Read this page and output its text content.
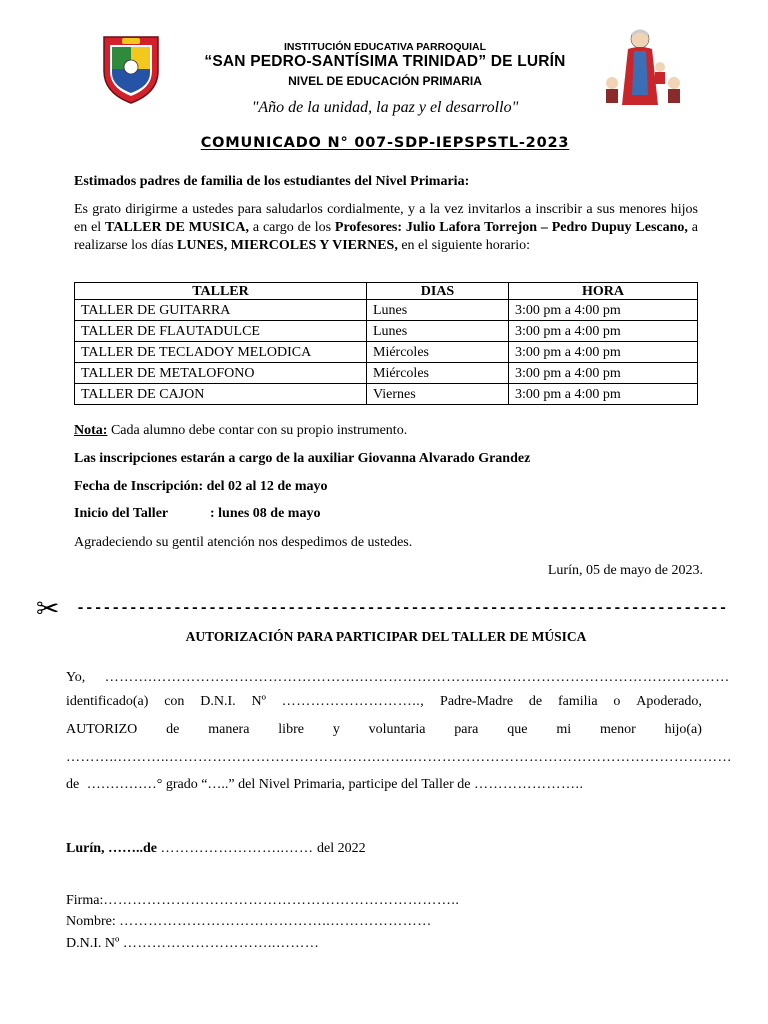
INSTITUCIÓN EDUCATIVA PARROQUIAL
“SAN PEDRO-SANTÍSIMA TRINIDAD” DE LURÍN
NIVEL DE EDUCACIÓN PRIMARIA
"Año de la unidad, la paz y el desarrollo"
COMUNICADO N° 007-SDP-IEPSPSTL-2023
Estimados padres de familia de los estudiantes del Nivel Primaria:
Es grato dirigirme a ustedes para saludarlos cordialmente, y a la vez invitarlos a inscribir a sus menores hijos en el TALLER DE MUSICA, a cargo de los Profesores: Julio Lafora Torrejon – Pedro Dupuy Lescano, a realizarse los días LUNES, MIERCOLES Y VIERNES, en el siguiente horario:
TALLER	DIAS	HORA
TALLER DE GUITARRA	Lunes	3:00 pm a 4:00 pm
TALLER DE FLAUTADULCE	Lunes	3:00 pm a 4:00 pm
TALLER DE TECLADOY MELODICA	Miércoles	3:00 pm a 4:00 pm
TALLER DE METALOFONO	Miércoles	3:00 pm a 4:00 pm
TALLER DE CAJON	Viernes	3:00 pm a 4:00 pm
Nota: Cada alumno debe contar con su propio instrumento.
Las inscripciones estarán a cargo de la auxiliar Giovanna Alvarado Grandez
Fecha de Inscripción: del 02 al 12 de mayo
Inicio del Taller	: lunes 08 de mayo
Agradeciendo su gentil atención nos despedimos de ustedes.
Lurín, 05 de mayo de 2023.
✂ --------------------------------------------------------------------------
AUTORIZACIÓN PARA PARTICIPAR DEL TALLER DE MÚSICA
Yo, ……….…………………………………….……………………..……………………………………………
identificado(a) con D.N.I. Nº ……………………….., Padre-Madre de familia o Apoderado,
AUTORIZO de manera libre y voluntaria para que mi menor hijo(a)
………..………..…………………………………….……..…………………………………………………………
de ……………° grado “…..” del Nivel Primaria, participe del Taller de …………………..
Lurín, ……..de ……………………..…… del 2022
Firma:………………………………………………………………..
Nombre: ……………………………………..…………………
D.N.I. Nº …………………………..………
